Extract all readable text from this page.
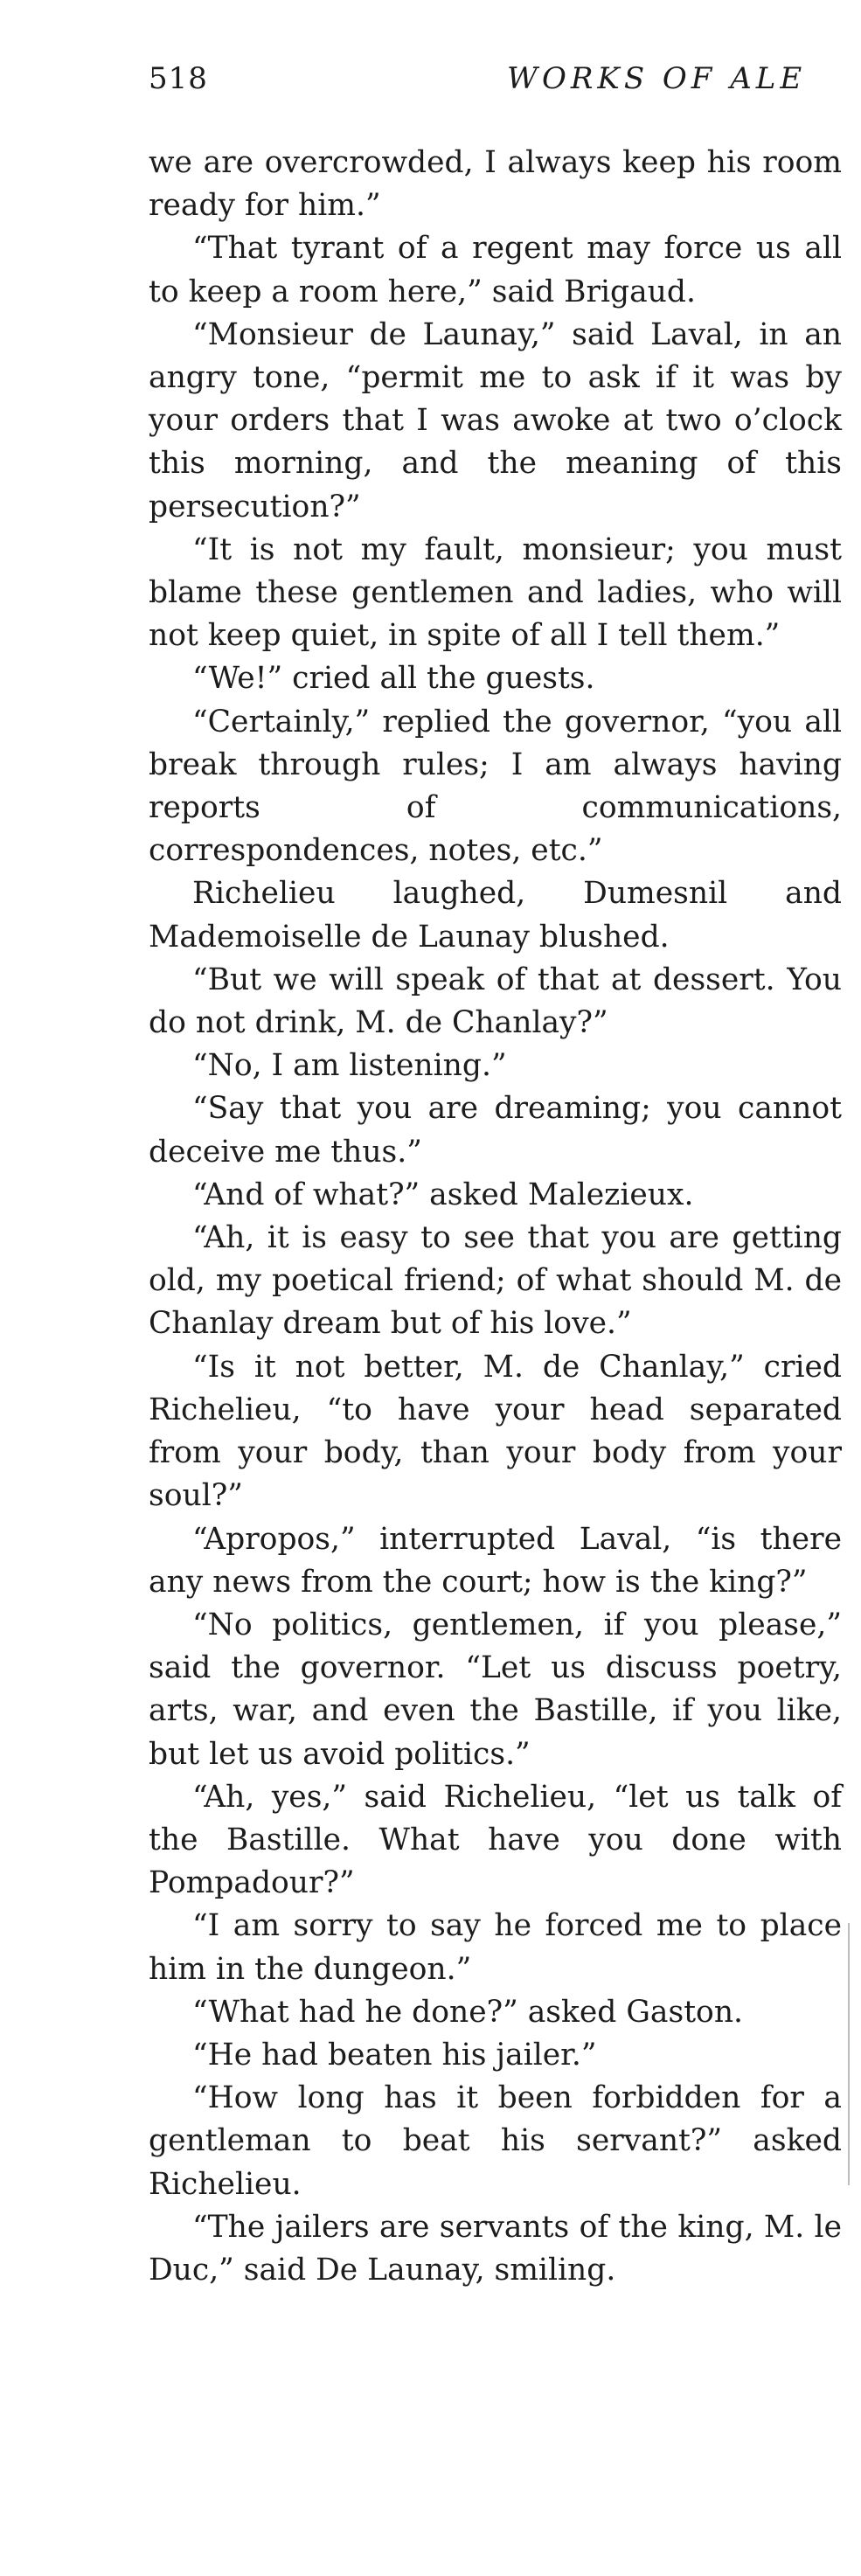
518	WORKS OF ALE

we are overcrowded, I always keep his room ready for him.”

“That tyrant of a regent may force us all to keep a room here,” said Brigaud.

“Monsieur de Launay,” said Laval, in an angry tone, “permit me to ask if it was by your orders that I was awoke at two o’clock this morning, and the meaning of this persecution?”

“It is not my fault, monsieur; you must blame these gentlemen and ladies, who will not keep quiet, in spite of all I tell them.”

“We!” cried all the guests.

“Certainly,” replied the governor, “you all break through rules; I am always having reports of communications, correspondences, notes, etc.”

Richelieu laughed, Dumesnil and Mademoiselle de Launay blushed.

“But we will speak of that at dessert. You do not drink, M. de Chanlay?”

“No, I am listening.”

“Say that you are dreaming; you cannot deceive me thus.”

“And of what?” asked Malezieux.

“Ah, it is easy to see that you are getting old, my poetical friend; of what should M. de Chanlay dream but of his love.”

“Is it not better, M. de Chanlay,” cried Richelieu, “to have your head separated from your body, than your body from your soul?”

“Apropos,” interrupted Laval, “is there any news from the court; how is the king?”

“No politics, gentlemen, if you please,” said the governor. “Let us discuss poetry, arts, war, and even the Bastille, if you like, but let us avoid politics.”

“Ah, yes,” said Richelieu, “let us talk of the Bastille. What have you done with Pompadour?”

“I am sorry to say he forced me to place him in the dungeon.”

“What had he done?” asked Gaston.

“He had beaten his jailer.”

“How long has it been forbidden for a gentleman to beat his servant?” asked Richelieu.

“The jailers are servants of the king, M. le Duc,” said De Launay, smiling.
